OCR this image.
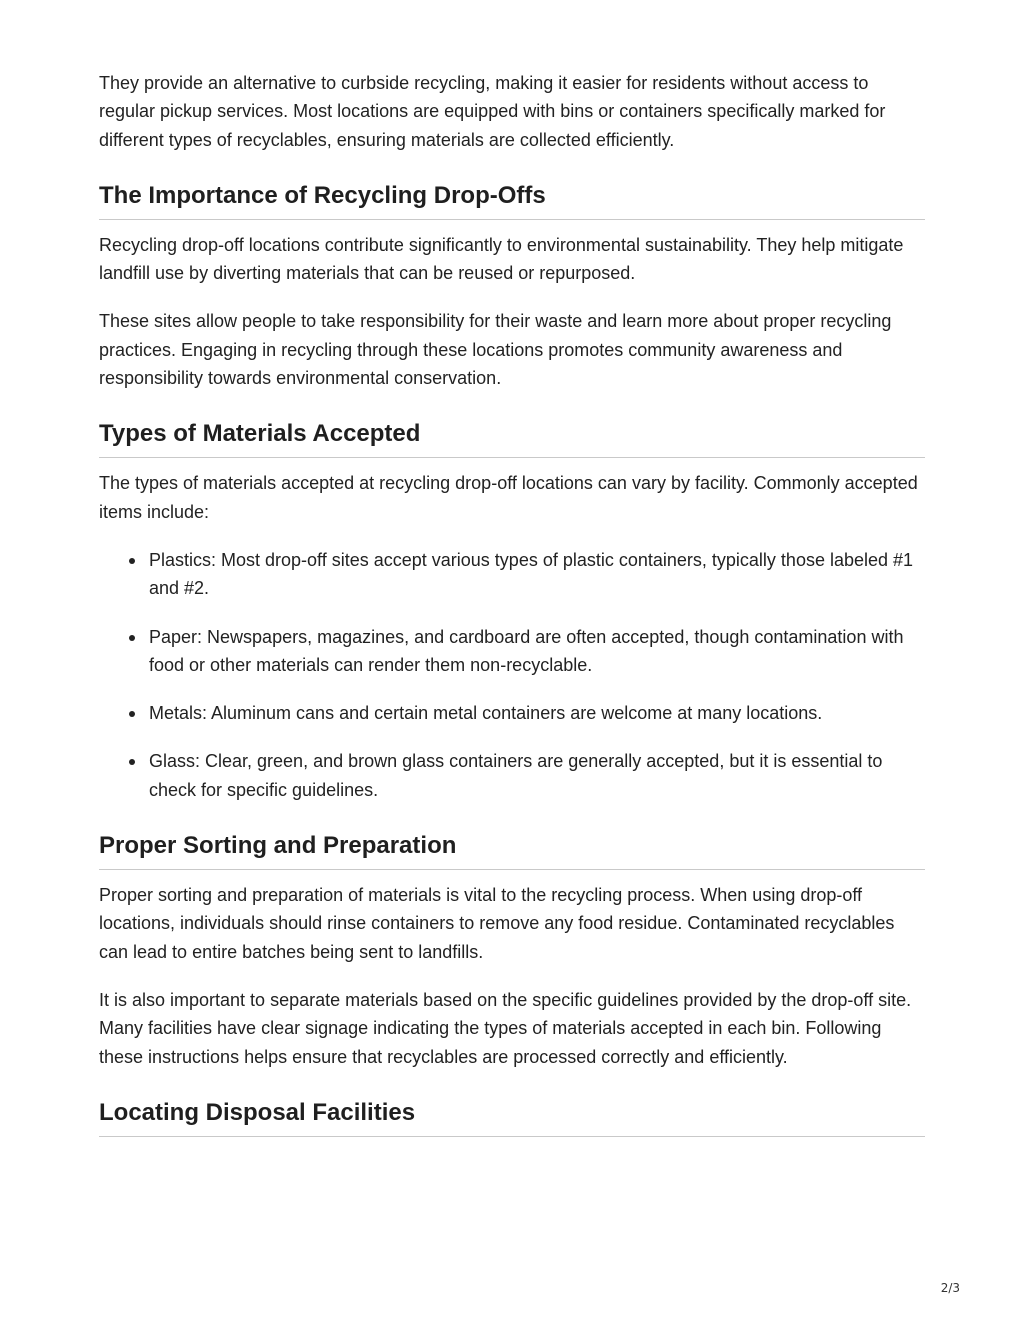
They provide an alternative to curbside recycling, making it easier for residents without access to regular pickup services. Most locations are equipped with bins or containers specifically marked for different types of recyclables, ensuring materials are collected efficiently.

The Importance of Recycling Drop-Offs

Recycling drop-off locations contribute significantly to environmental sustainability. They help mitigate landfill use by diverting materials that can be reused or repurposed.

These sites allow people to take responsibility for their waste and learn more about proper recycling practices. Engaging in recycling through these locations promotes community awareness and responsibility towards environmental conservation.

Types of Materials Accepted

The types of materials accepted at recycling drop-off locations can vary by facility. Commonly accepted items include:

Plastics: Most drop-off sites accept various types of plastic containers, typically those labeled #1 and #2.
Paper: Newspapers, magazines, and cardboard are often accepted, though contamination with food or other materials can render them non-recyclable.
Metals: Aluminum cans and certain metal containers are welcome at many locations.
Glass: Clear, green, and brown glass containers are generally accepted, but it is essential to check for specific guidelines.
Proper Sorting and Preparation

Proper sorting and preparation of materials is vital to the recycling process. When using drop-off locations, individuals should rinse containers to remove any food residue. Contaminated recyclables can lead to entire batches being sent to landfills.

It is also important to separate materials based on the specific guidelines provided by the drop-off site. Many facilities have clear signage indicating the types of materials accepted in each bin. Following these instructions helps ensure that recyclables are processed correctly and efficiently.

Locating Disposal Facilities
2/3
